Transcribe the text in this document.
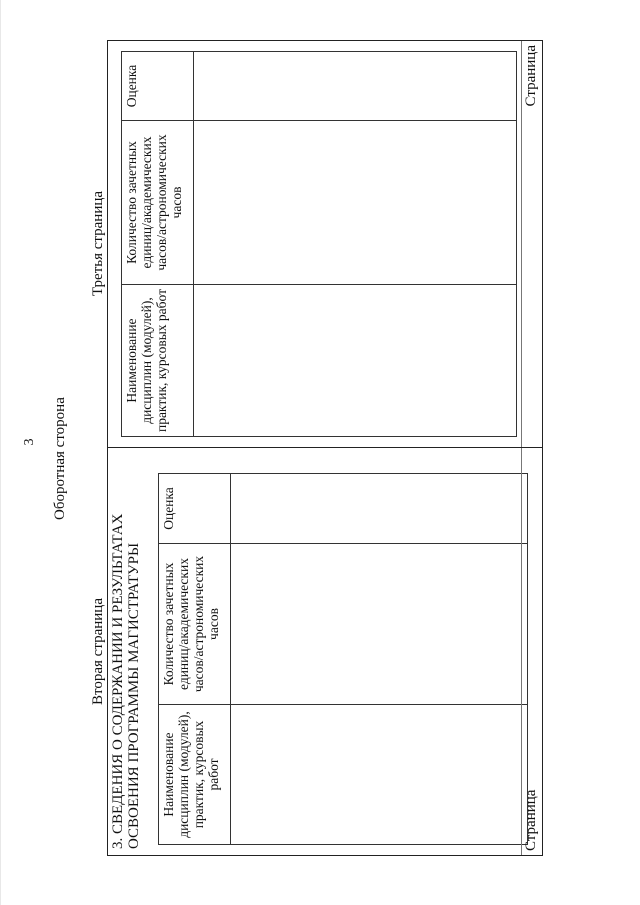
3 Оборотная сторона
Вторая страница 3. СВЕДЕНИЯ О СОДЕРЖАНИИ И РЕЗУЛЬТАТАХ ОСВОЕНИЯ ПРОГРАММЫ МАГИСТРАТУРЫ Наименование дисциплин (модулей), практик, курсовых работ	Количество зачетных единиц/академических часов/астрономических часов	Оценка

Страница
Третья страница
Наименование дисциплин (модулей), практик, курсовых работ	Количество зачетных единиц/академических часов/астрономических часов	Оценка
			Страница
